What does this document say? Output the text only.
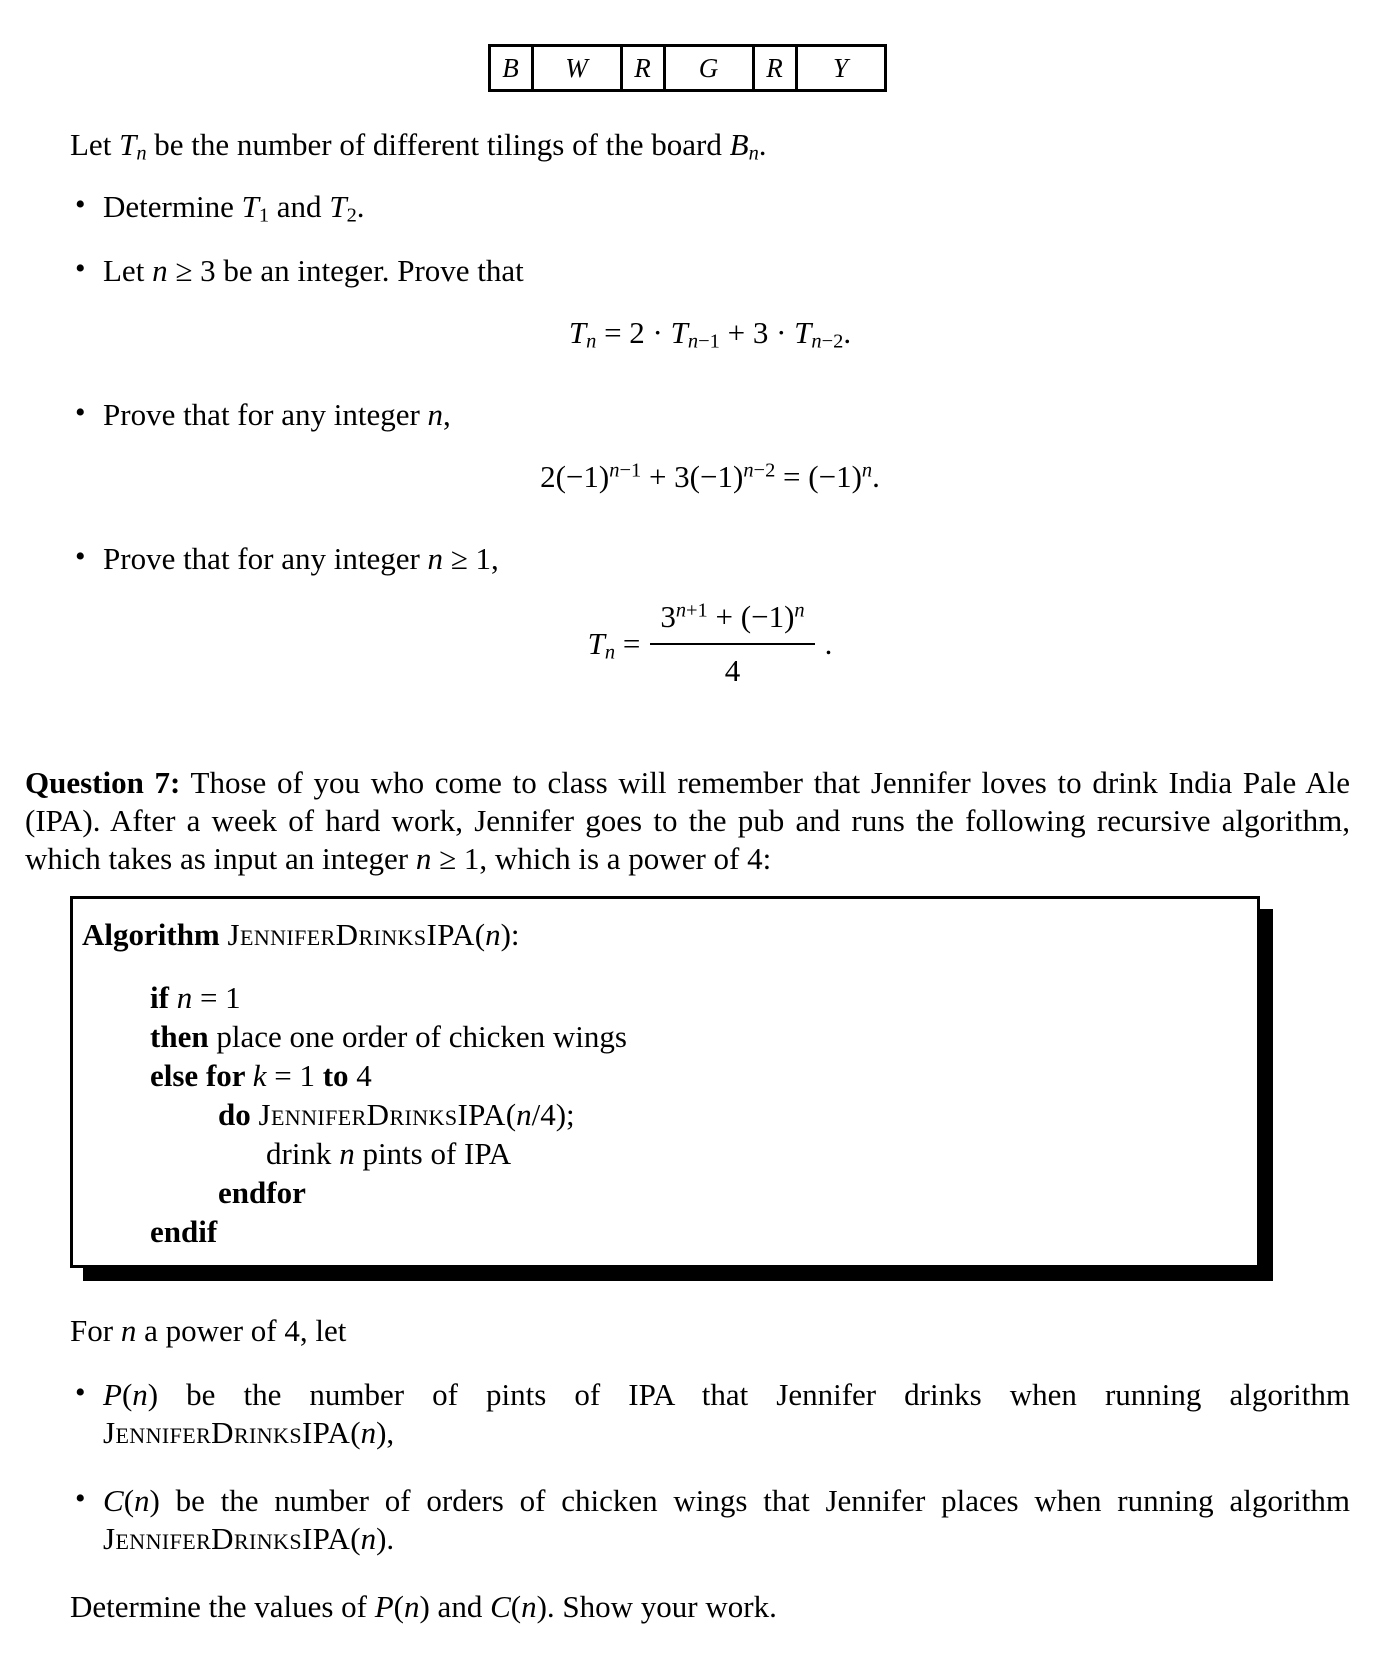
B W R G R Y

Let Tn be the number of different tilings of the board Bn.

• Determine T1 and T2.
• Let n ≥ 3 be an integer. Prove that
Tn = 2 · Tn−1 + 3 · Tn−2.
• Prove that for any integer n,
$2(-1)^{n-1} + 3(-1)^{n-2} = (-1)^n$.
• Prove that for any integer n ≥ 1,
$Tn = \frac{3^{n+1} + (-1)^n}{4}$ .

Question 7: Those of you who come to class will remember that Jennifer loves to drink India Pale Ale (IPA). After a week of hard work, Jennifer goes to the pub and runs the following recursive algorithm, which takes as input an integer n ≥ 1, which is a power of 4:

Algorithm JenniferDrinksIPA(n):
if n = 1
then place one order of chicken wings
else for k = 1 to 4
do JenniferDrinksIPA(n/4);
drink n pints of IPA
endfor
endif

For n a power of 4, let

• P(n) be the number of pints of IPA that Jennifer drinks when running algorithm JenniferDrinksIPA(n),
• C(n) be the number of orders of chicken wings that Jennifer places when running algorithm JenniferDrinksIPA(n).

Determine the values of P(n) and C(n). Show your work.
